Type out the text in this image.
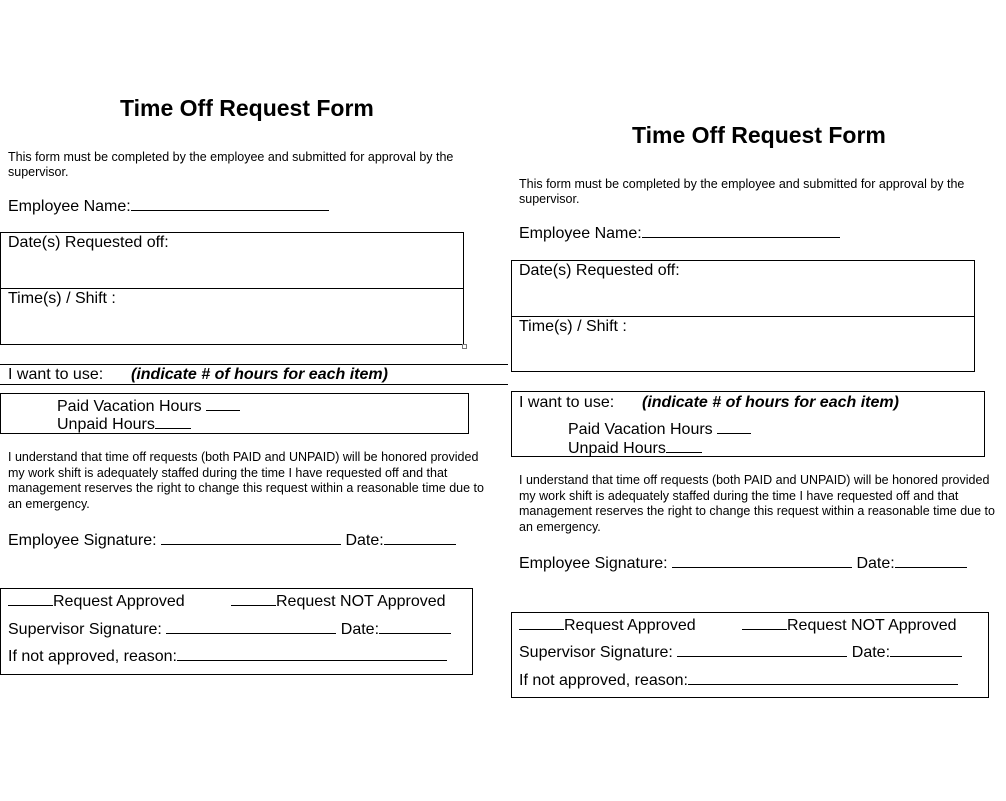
Time Off Request Form
This form must be completed by the employee and submitted for approval by the supervisor.
Employee Name:
Date(s) Requested off:
Time(s) / Shift :
I want to use: (indicate # of hours for each item)
Paid Vacation Hours
Unpaid Hours
I understand that time off requests (both PAID and UNPAID) will be honored provided my work shift is adequately staffed during the time I have requested off and that management reserves the right to change this request within a reasonable time due to an emergency.
Employee Signature:	Date:
Request Approved	Request NOT Approved
Supervisor Signature:	Date:
If not approved, reason:
Time Off Request Form
This form must be completed by the employee and submitted for approval by the supervisor.
Employee Name:
Date(s) Requested off:
Time(s) / Shift :
I want to use: (indicate # of hours for each item)
Paid Vacation Hours
Unpaid Hours
I understand that time off requests (both PAID and UNPAID) will be honored provided my work shift is adequately staffed during the time I have requested off and that management reserves the right to change this request within a reasonable time due to an emergency.
Employee Signature:	Date:
Request Approved	Request NOT Approved
Supervisor Signature:	Date:
If not approved, reason:
